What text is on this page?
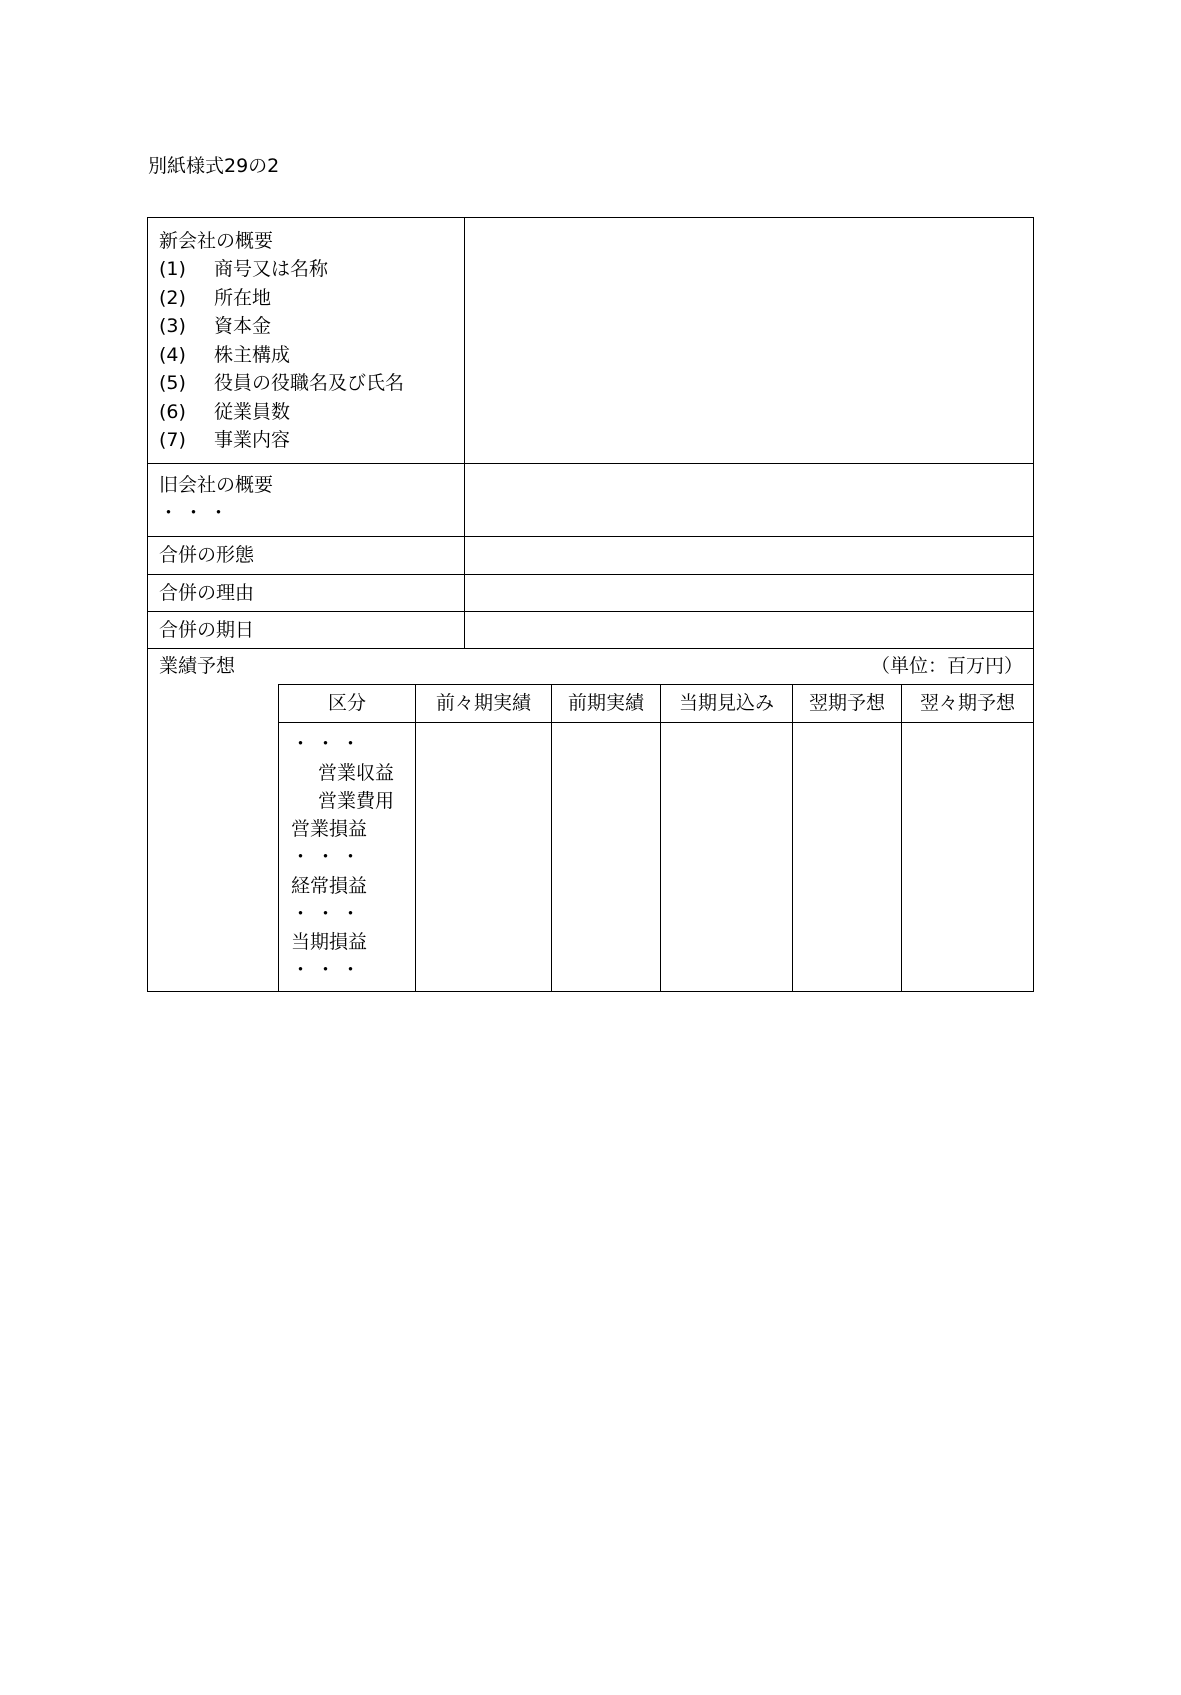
別紙様式29の2
新会社の概要
(1) 商号又は名称
(2) 所在地
(3) 資本金
(4) 株主構成
(5) 役員の役職名及び氏名
(6) 従業員数
(7) 事業内容
旧会社の概要
・・・
合併の形態
合併の理由
合併の期日
業績予想	（単位：百万円）
区分	前々期実績	前期実績	当期見込み	翌期予想	翌々期予想
・・・
営業収益
営業費用
営業損益
・・・
経常損益
・・・
当期損益
・・・
